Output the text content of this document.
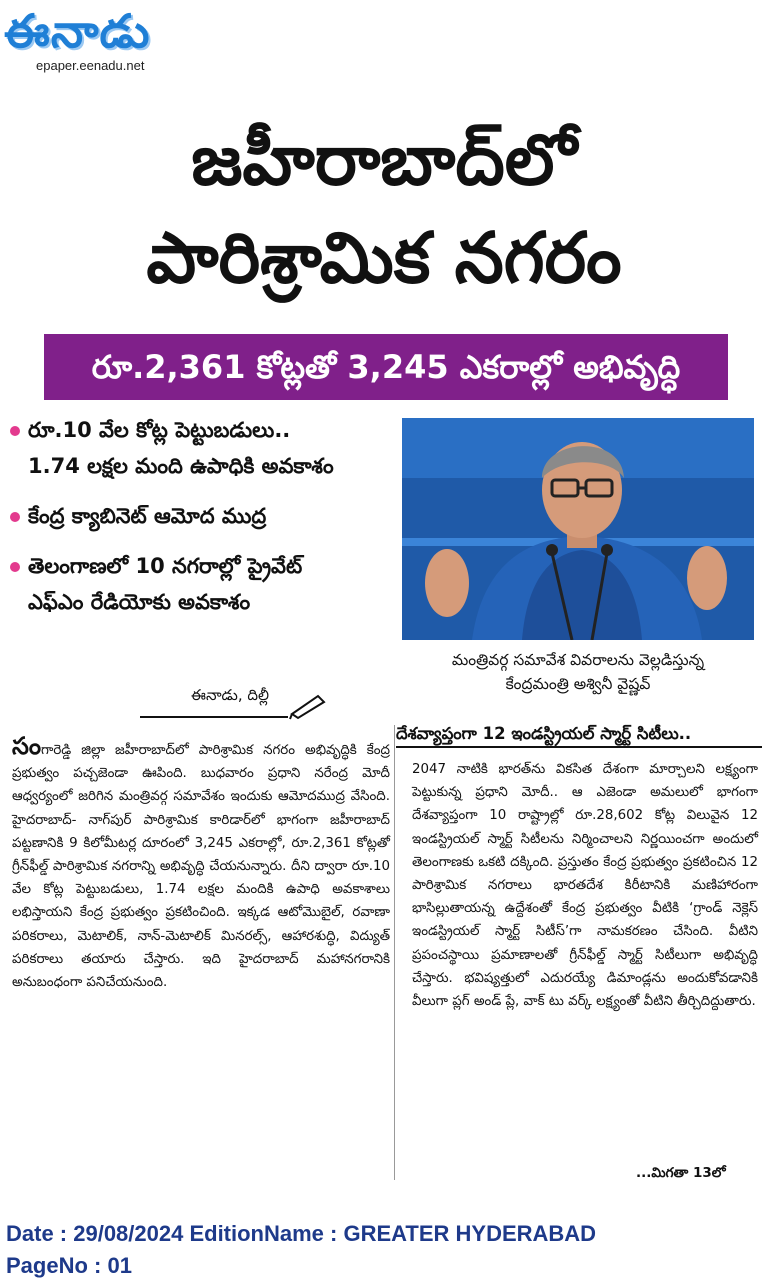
ఈనాడు
epaper.eenadu.net
జహీరాబాద్‌లో
పారిశ్రామిక నగరం
రూ.2,361 కోట్లతో 3,245 ఎకరాల్లో అభివృద్ధి
రూ.10 వేల కోట్ల పెట్టుబడులు..
1.74 లక్షల మంది ఉపాధికి అవకాశం
కేంద్ర క్యాబినెట్ ఆమోద ముద్ర
తెలంగాణలో 10 నగరాల్లో ప్రైవేట్
ఎఫ్ఎం రేడియోకు అవకాశం
మంత్రివర్గ సమావేశ వివరాలను వెల్లడిస్తున్న
కేంద్రమంత్రి అశ్వినీ వైష్ణవ్
ఈనాడు, దిల్లీ
సంగారెడ్డి జిల్లా జహీరాబాద్‌లో పారిశ్రామిక నగరం అభివృద్ధికి కేంద్ర ప్రభుత్వం పచ్చజెండా ఊపింది. బుధవారం ప్రధాని నరేంద్ర మోదీ ఆధ్వర్యంలో జరిగిన మంత్రివర్గ సమావేశం ఇందుకు ఆమోదముద్ర వేసింది. హైదరాబాద్- నాగ్‌పుర్ పారిశ్రామిక కారిడార్‌లో భాగంగా జహీరాబాద్ పట్టణానికి 9 కిలోమీటర్ల దూరంలో 3,245 ఎకరాల్లో, రూ.2,361 కోట్లతో గ్రీన్‌ఫీల్డ్ పారిశ్రామిక నగరాన్ని అభివృద్ధి చేయనున్నారు. దీని ద్వారా రూ.10 వేల కోట్ల పెట్టుబడులు, 1.74 లక్షల మందికి ఉపాధి అవకాశాలు లభిస్తాయని కేంద్ర ప్రభుత్వం ప్రకటించింది. ఇక్కడ ఆటోమొబైల్, రవాణా పరికరాలు, మెటాలిక్, నాన్-మెటాలిక్ మినరల్స్, ఆహారశుద్ధి, విద్యుత్ పరికరాలు తయారు చేస్తారు. ఇది హైదరాబాద్ మహానగరానికి అనుబంధంగా పనిచేయనుంది.
దేశవ్యాప్తంగా 12 ఇండస్ట్రియల్ స్మార్ట్ సిటీలు..
2047 నాటికి భారత్‌ను వికసిత దేశంగా మార్చాలని లక్ష్యంగా పెట్టుకున్న ప్రధాని మోదీ.. ఆ ఎజెండా అమలులో భాగంగా దేశవ్యాప్తంగా 10 రాష్ట్రాల్లో రూ.28,602 కోట్ల విలువైన 12 ఇండస్ట్రియల్ స్మార్ట్ సిటీలను నిర్మించాలని నిర్ణయించగా అందులో తెలంగాణకు ఒకటి దక్కింది. ప్రస్తుతం కేంద్ర ప్రభుత్వం ప్రకటించిన 12 పారిశ్రామిక నగరాలు భారతదేశ కిరీటానికి మణిహారంగా భాసిల్లుతాయన్న ఉద్దేశంతో కేంద్ర ప్రభుత్వం వీటికి ‘గ్రాండ్ నెక్లెస్ ఇండస్ట్రియల్ స్మార్ట్ సిటీస్’గా నామకరణం చేసింది. వీటిని ప్రపంచస్థాయి ప్రమాణాలతో గ్రీన్‌ఫీల్డ్ స్మార్ట్ సిటీలుగా అభివృద్ధి చేస్తారు. భవిష్యత్తులో ఎదురయ్యే డిమాండ్లను అందుకోవడానికి వీలుగా ప్లగ్ అండ్ ప్లే, వాక్ టు వర్క్ లక్ష్యంతో వీటిని తీర్చిదిద్దుతారు.
...మిగతా 13లో
Date : 29/08/2024 EditionName : GREATER HYDERABAD
PageNo : 01
